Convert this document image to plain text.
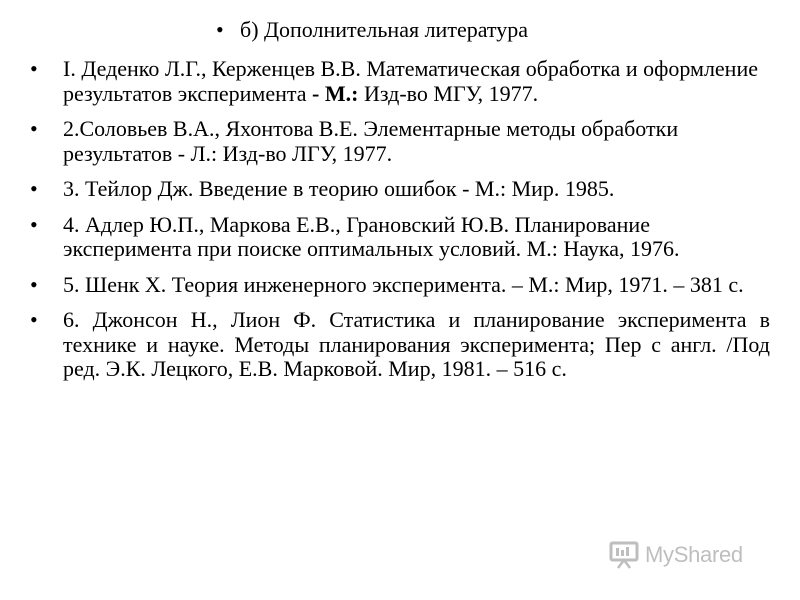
• б) Дополнительная литература
• I. Деденко Л.Г., Керженцев В.В. Математическая обработка и оформление результатов эксперимента - М.: Изд-во МГУ, 1977.
• 2.Соловьев В.А., Яхонтова В.Е. Элементарные методы обработки результатов - Л.: Изд-во ЛГУ, 1977.
• 3. Тейлор Дж. Введение в теорию ошибок - М.: Мир. 1985.
• 4. Адлер Ю.П., Маркова Е.В., Грановский Ю.В. Планирование эксперимента при поиске оптимальных условий. М.: Наука, 1976.
• 5. Шенк Х. Теория инженерного эксперимента. – М.: Мир, 1971. – 381 с.
• 6. Джонсон Н., Лион Ф. Статистика и планирование эксперимента в технике и науке. Методы планирования эксперимента; Пер с англ. /Под ред. Э.К. Лецкого, Е.В. Марковой. Мир, 1981. – 516 с.
MyShared
